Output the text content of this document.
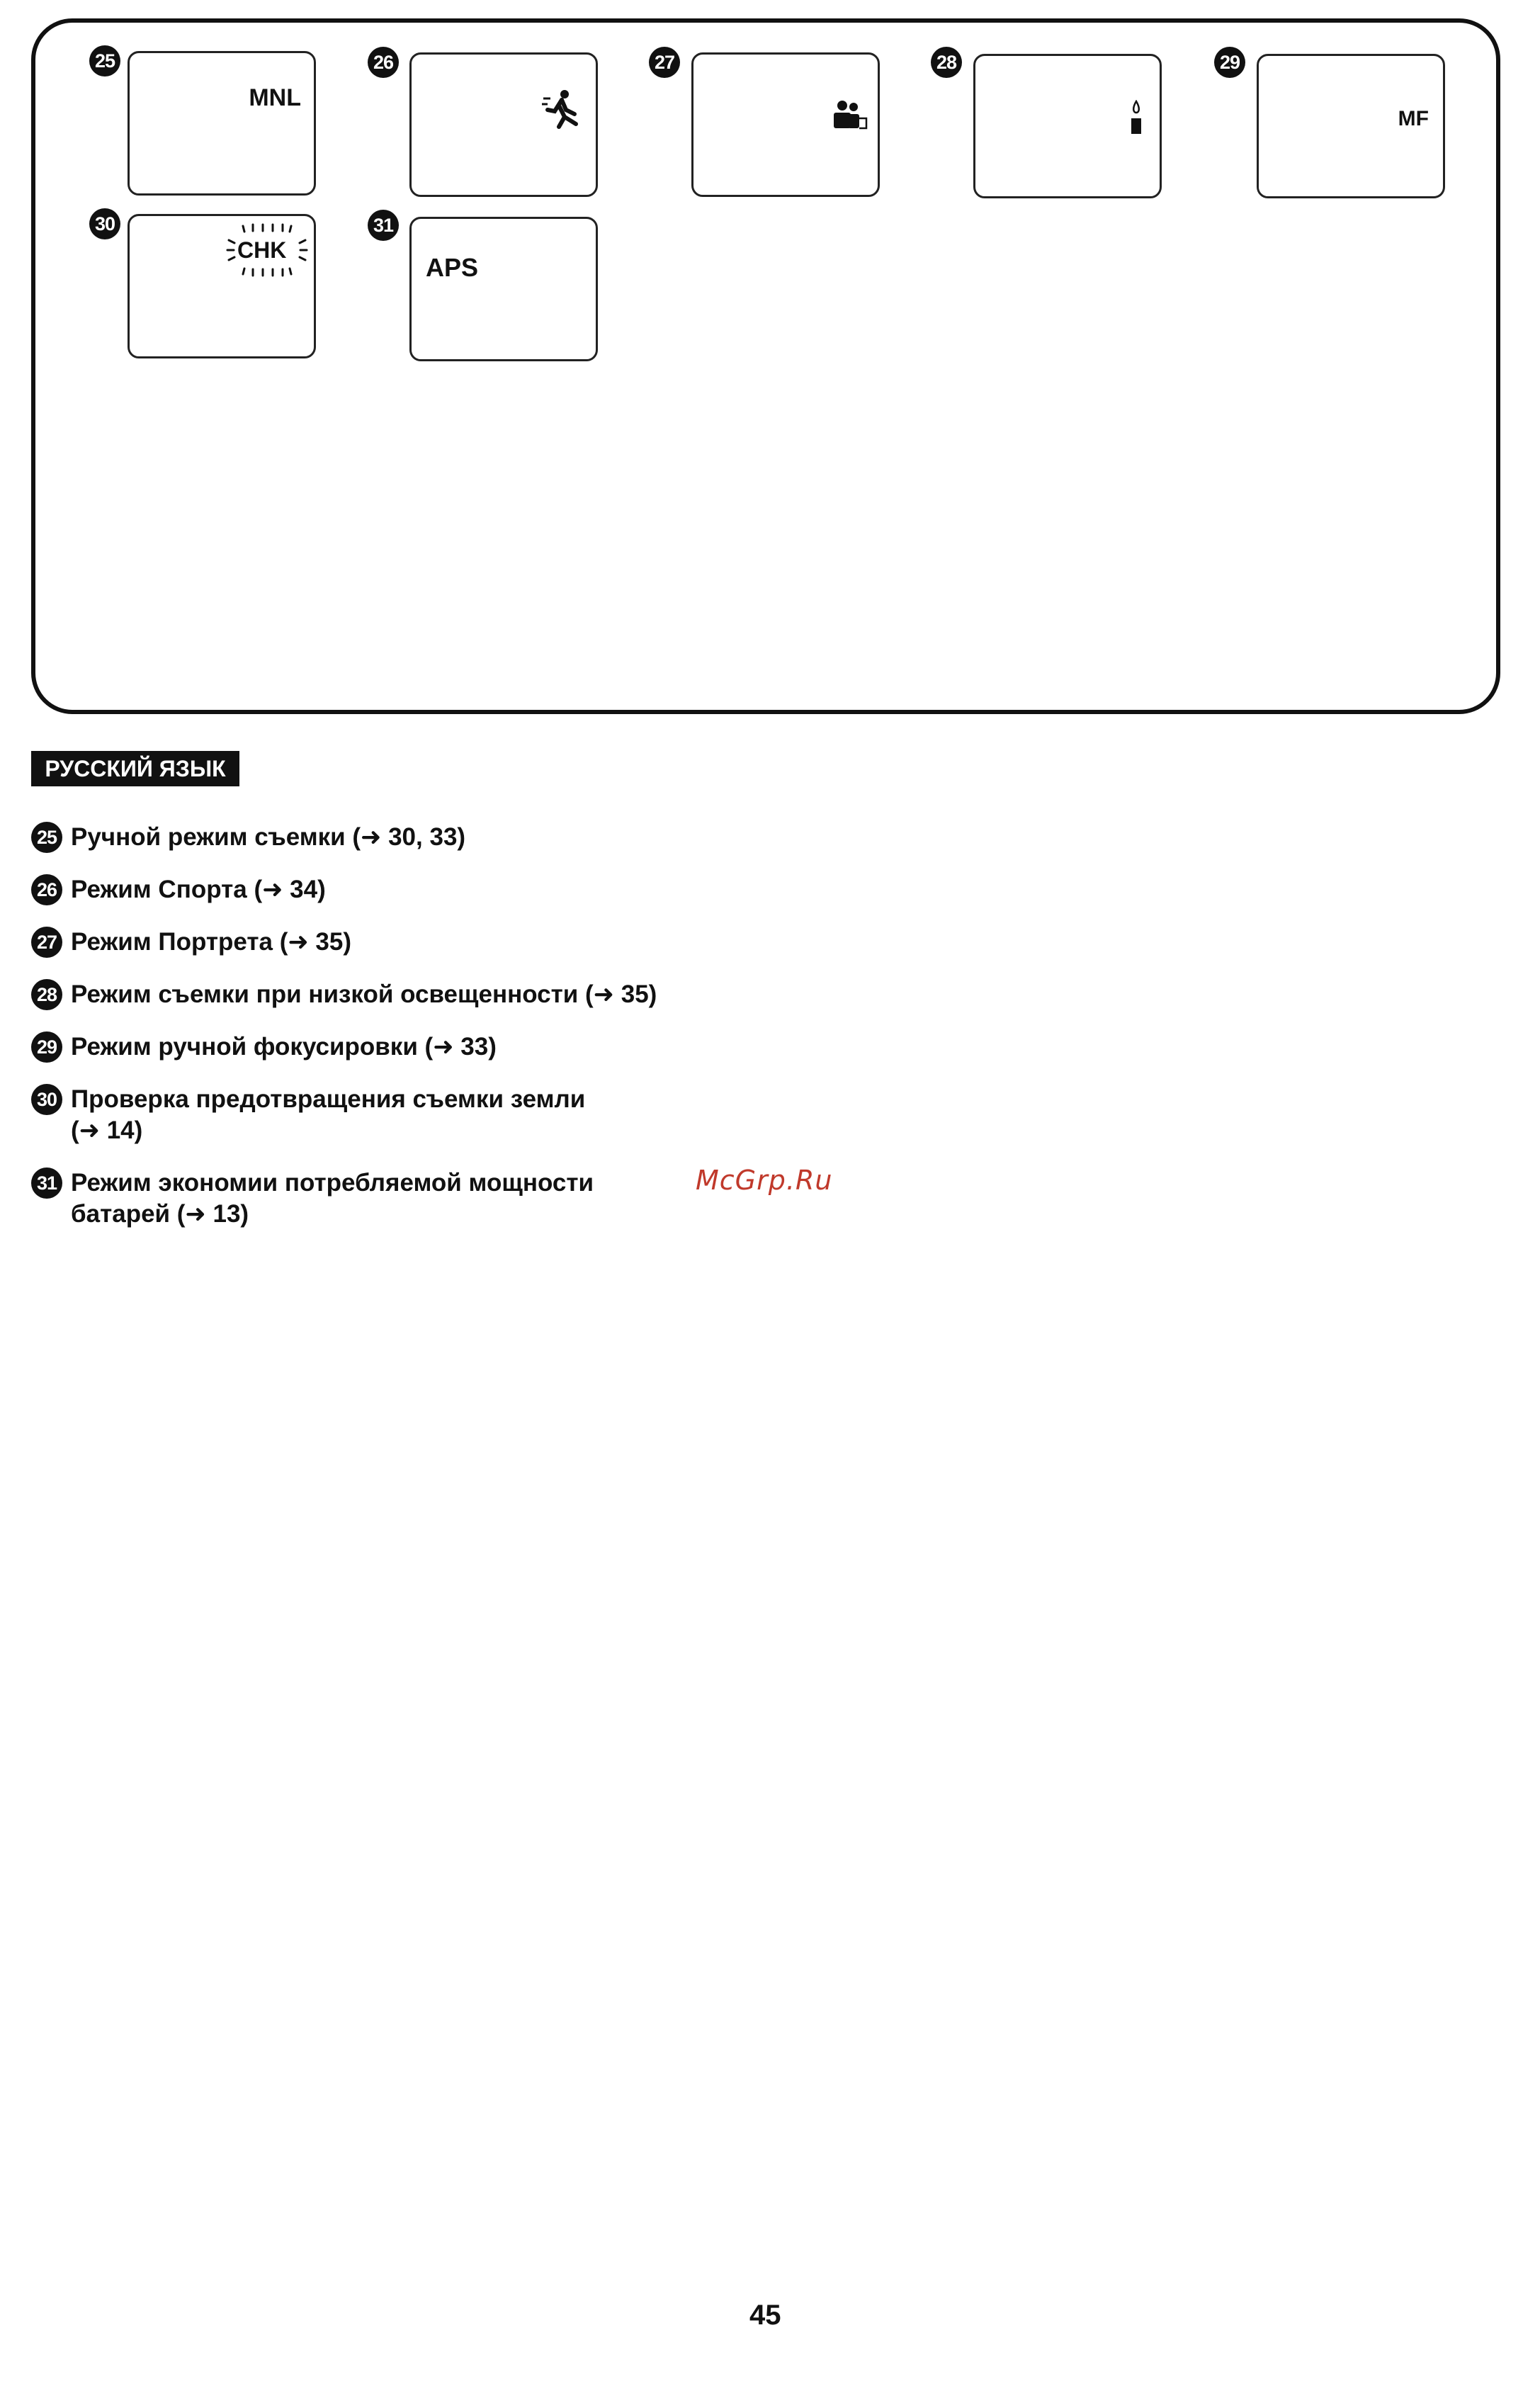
25
MNL
26	27	28	29
MF
30
CHK
31
APS
РУССКИЙ ЯЗЫК
25 Ручной режим съемки (➜ 30, 33)
26 Режим Спорта (➜ 34)
27 Режим Портрета (➜ 35)
28 Режим съемки при низкой освещенности (➜ 35)
29 Режим ручной фокусировки (➜ 33)
30 Проверка предотвращения съемки земли
(➜ 14)
31 Режим экономии потребляемой мощности
батарей (➜ 13)
McGrp.Ru
45
